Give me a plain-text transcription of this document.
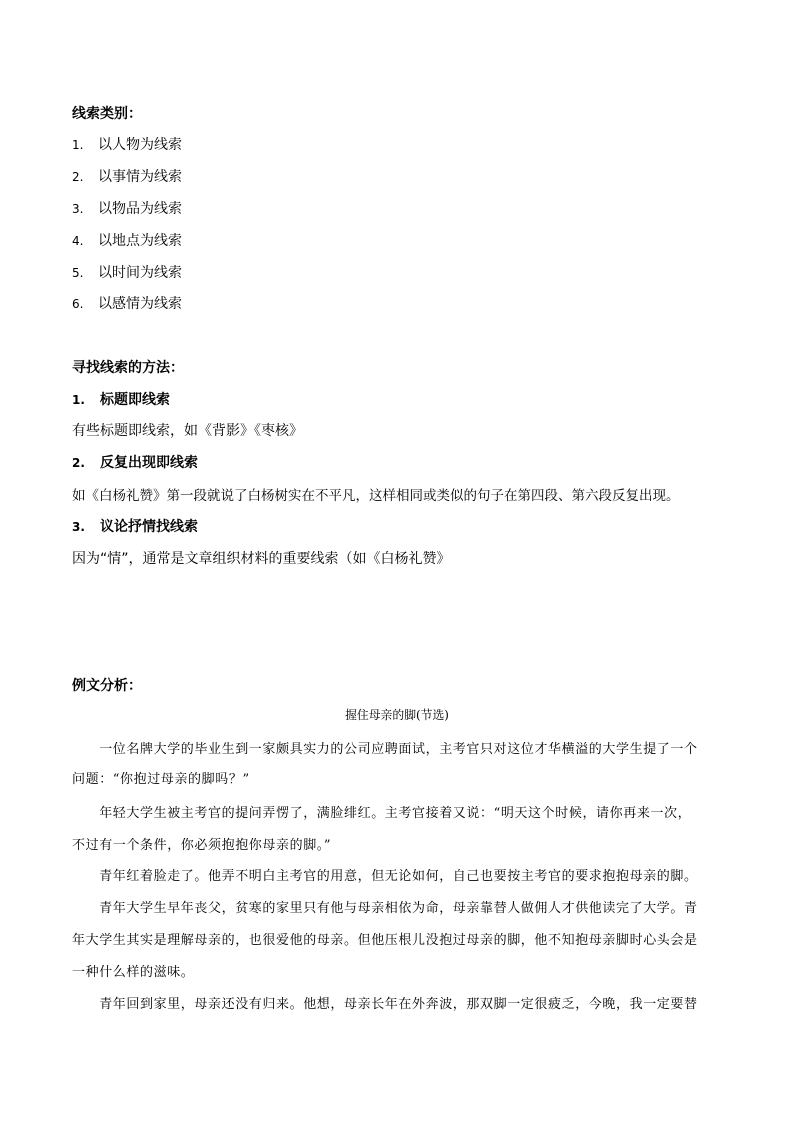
线索类别：
1. 以人物为线索
2. 以事情为线索
3. 以物品为线索
4. 以地点为线索
5. 以时间为线索
6. 以感情为线索
寻找线索的方法：
1. 标题即线索
有些标题即线索，如《背影》《枣核》
2. 反复出现即线索
如《白杨礼赞》第一段就说了白杨树实在不平凡，这样相同或类似的句子在第四段、第六段反复出现。
3. 议论抒情找线索
因为“情”，通常是文章组织材料的重要线索（如《白杨礼赞》
例文分析：
握住母亲的脚(节选)
　　一位名牌大学的毕业生到一家颇具实力的公司应聘面试，主考官只对这位才华横溢的大学生提了一个
问题：“你抱过母亲的脚吗？”
　　年轻大学生被主考官的提问弄愣了，满脸绯红。主考官接着又说：“明天这个时候，请你再来一次，
不过有一个条件，你必须抱抱你母亲的脚。”
　　青年红着脸走了。他弄不明白主考官的用意，但无论如何，自己也要按主考官的要求抱抱母亲的脚。
　　青年大学生早年丧父，贫寒的家里只有他与母亲相依为命，母亲靠替人做佣人才供他读完了大学。青
年大学生其实是理解母亲的，也很爱他的母亲。但他压根儿没抱过母亲的脚，他不知抱母亲脚时心头会是
一种什么样的滋味。
　　青年回到家里，母亲还没有归来。他想，母亲长年在外奔波，那双脚一定很疲乏，今晚，我一定要替
